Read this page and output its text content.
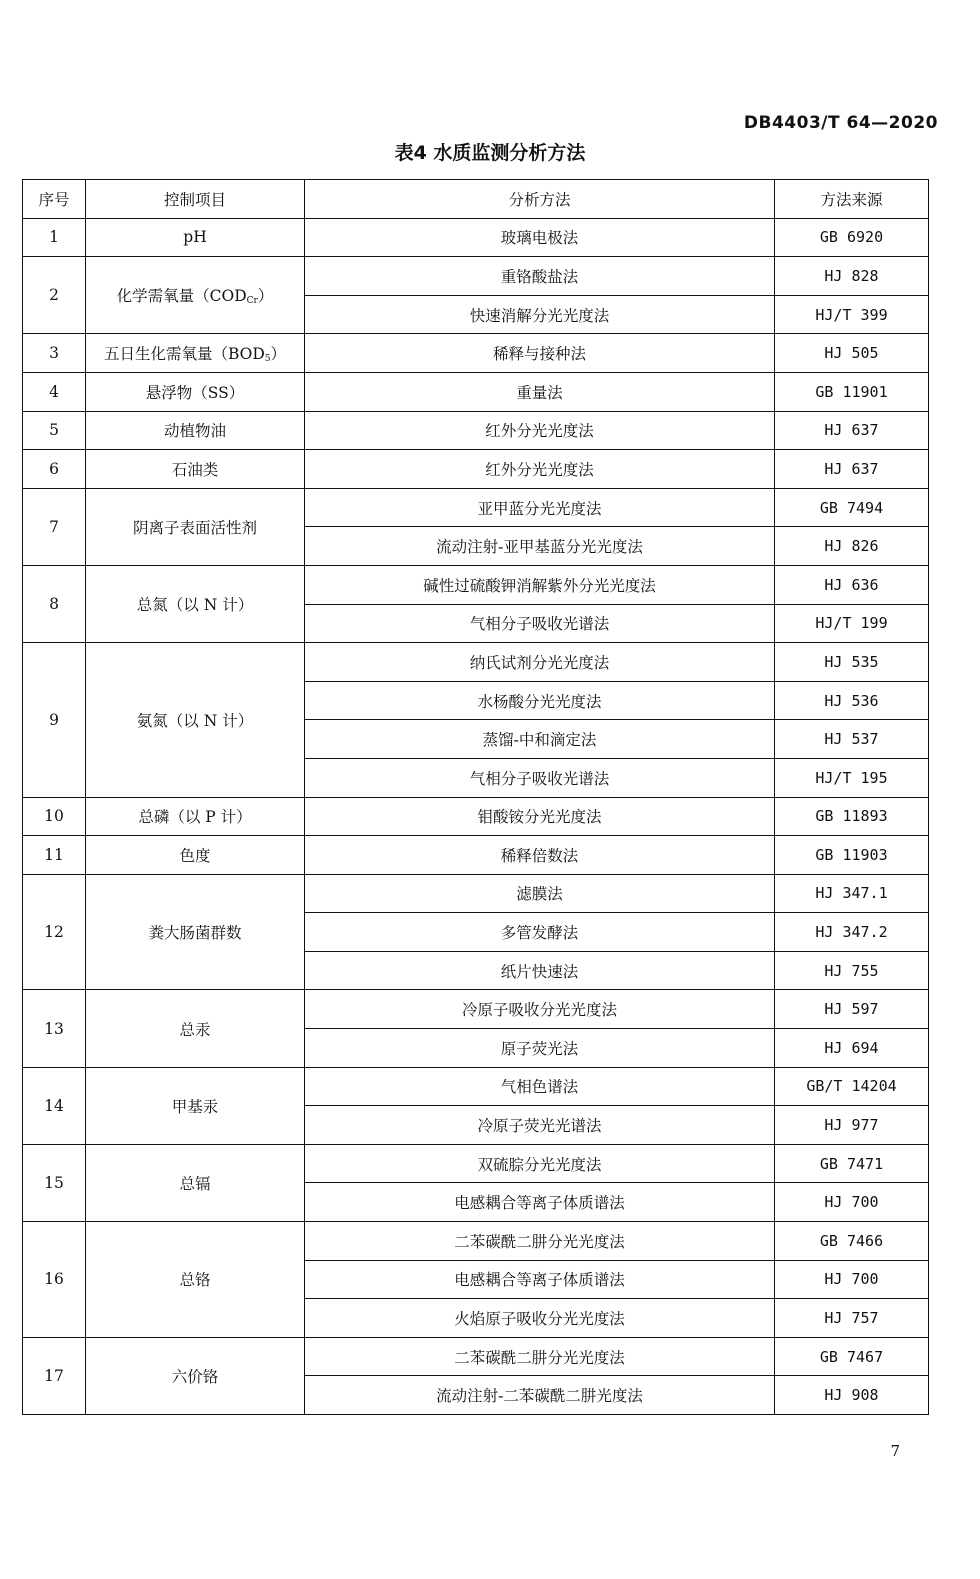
DB4403/T 64—2020
表4 水质监测分析方法
序号	控制项目	分析方法	方法来源
1	pH	玻璃电极法	GB 6920
2	化学需氧量$(COD_{Cr})$	重铬酸盐法	HJ 828
		快速消解分光光度法	HJ/T 399
3	五日生化需氧量$(BOD_5)$	稀释与接种法	HJ 505
4	悬浮物（SS）	重量法	GB 11901
5	动植物油	红外分光光度法	HJ 637
6	石油类	红外分光光度法	HJ 637
7	阴离子表面活性剂	亚甲蓝分光光度法	GB 7494
		流动注射-亚甲基蓝分光光度法	HJ 826
8	总氮（以 N 计）	碱性过硫酸钾消解紫外分光光度法	HJ 636
		气相分子吸收光谱法	HJ/T 199
9	氨氮（以 N 计）	纳氏试剂分光光度法	HJ 535
		水杨酸分光光度法	HJ 536
		蒸馏-中和滴定法	HJ 537
		气相分子吸收光谱法	HJ/T 195
10	总磷（以 P 计）	钼酸铵分光光度法	GB 11893
11	色度	稀释倍数法	GB 11903
12	粪大肠菌群数	滤膜法	HJ 347.1
		多管发酵法	HJ 347.2
		纸片快速法	HJ 755
13	总汞	冷原子吸收分光光度法	HJ 597
		原子荧光法	HJ 694
14	甲基汞	气相色谱法	GB/T 14204
		冷原子荧光光谱法	HJ 977
15	总镉	双硫腙分光光度法	GB 7471
		电感耦合等离子体质谱法	HJ 700
16	总铬	二苯碳酰二肼分光光度法	GB 7466
		电感耦合等离子体质谱法	HJ 700
		火焰原子吸收分光光度法	HJ 757
17	六价铬	二苯碳酰二肼分光光度法	GB 7467
		流动注射-二苯碳酰二肼光度法	HJ 908
7
